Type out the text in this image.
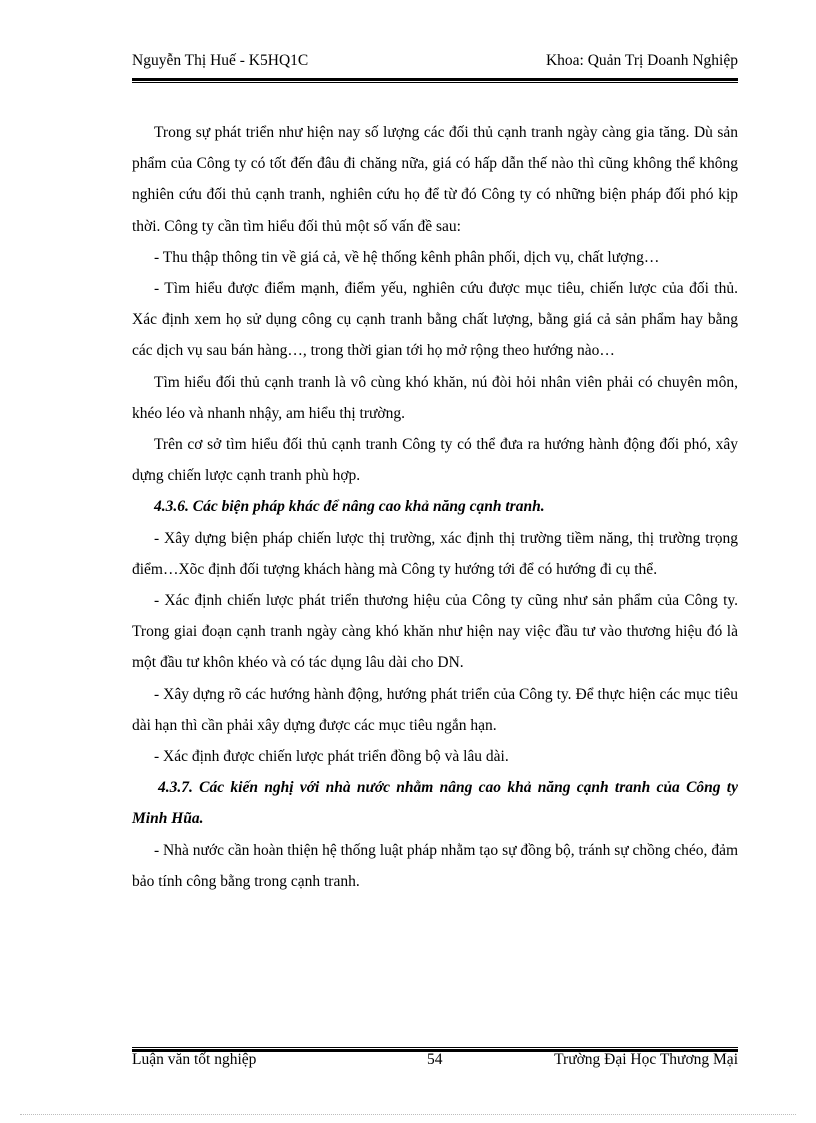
Nguyễn Thị Huế - K5HQ1C	Khoa: Quản Trị Doanh Nghiệp

Trong sự phát triển như hiện nay số lượng các đối thủ cạnh tranh ngày càng gia tăng. Dù sản phẩm của Công ty có tốt đến đâu đi chăng nữa, giá có hấp dẫn thế nào thì cũng không thể không nghiên cứu đối thủ cạnh tranh, nghiên cứu họ để từ đó Công ty có những biện pháp đối phó kịp thời. Công ty cần tìm hiểu đối thủ một số vấn đề sau:

- Thu thập thông tin về giá cả, về hệ thống kênh phân phối, dịch vụ, chất lượng…

- Tìm hiểu được điểm mạnh, điểm yếu, nghiên cứu được mục tiêu, chiến lược của đối thủ. Xác định xem họ sử dụng công cụ cạnh tranh bằng chất lượng, bằng giá cả sản phẩm hay bằng các dịch vụ sau bán hàng…, trong thời gian tới họ mở rộng theo hướng nào…

Tìm hiểu đối thủ cạnh tranh là vô cùng khó khăn, nú đòi hỏi nhân viên phải có chuyên môn, khéo léo và nhanh nhậy, am hiểu thị trường.

Trên cơ sở tìm hiểu đối thủ cạnh tranh Công ty có thể đưa ra hướng hành động đối phó, xây dựng chiến lược cạnh tranh phù hợp.

4.3.6. Các biện pháp khác để nâng cao khả năng cạnh tranh.

- Xây dựng biện pháp chiến lược thị trường, xác định thị trường tiềm năng, thị trường trọng điểm…Xõc định đối tượng khách hàng mà Công ty hướng tới để có hướng đi cụ thể.

- Xác định chiến lược phát triển thương hiệu của Công ty cũng như sản phẩm của Công ty. Trong giai đoạn cạnh tranh ngày càng khó khăn như hiện nay việc đầu tư vào thương hiệu đó là một đầu tư khôn khéo và có tác dụng lâu dài cho DN.

- Xây dựng rõ các hướng hành động, hướng phát triển của Công ty. Để thực hiện các mục tiêu dài hạn thì cần phải xây dựng được các mục tiêu ngắn hạn.

- Xác định được chiến lược phát triển đồng bộ và lâu dài.

4.3.7. Các kiến nghị với nhà nước nhằm nâng cao khả năng cạnh tranh của Công ty Minh Hũa.

- Nhà nước cần hoàn thiện hệ thống luật pháp nhằm tạo sự đồng bộ, tránh sự chồng chéo, đảm bảo tính công bằng trong cạnh tranh.

Luận văn tốt nghiệp	54	Trường Đại Học Thương Mại
